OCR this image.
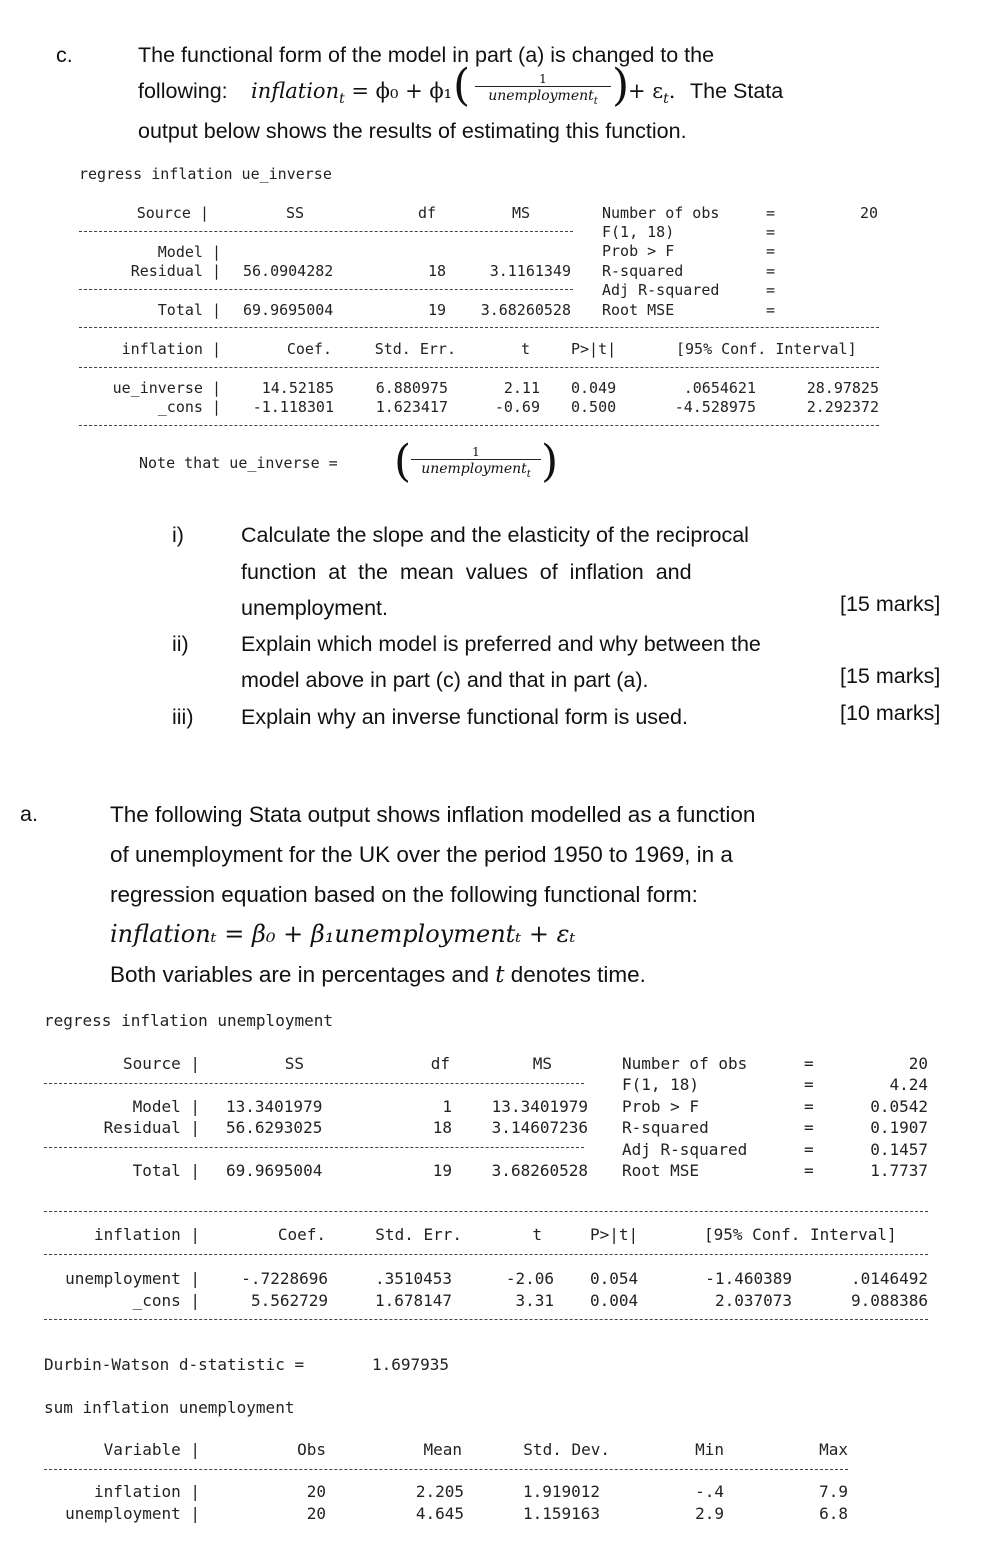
c.	The functional form of the model in part (a) is changed to the
following: inflation$_t$ = ϕ₀ + ϕ₁ (	1
unemployment$_t$ )
+ $\varepsilon_t$. The Stata
output below shows the results of estimating this function.
regress inflation ue_inverse
Source |	SS	df	MS
Model |
Residual | 56.0904282	18	3.1161349
Total | 69.9695004	19	3.68260528
Number of obs	=	20
F(1, 18)	=
Prob > F	=
R-squared	=
Adj R-squared	=
Root MSE	=
inflation |	Coef.	Std. Err.	t	P>|t|	[95% Conf. Interval]
ue_inverse |	14.52185	6.880975	2.11 0.049	.0654621	28.97825
_cons |	-1.118301	1.623417	-0.69 0.500	-4.528975	2.292372
Note that ue_inverse = (	1
unemployment$_t$ )
i)	Calculate the slope and the elasticity of the reciprocal
function  at  the  mean  values  of  inflation  and
unemployment.	[15 marks]
ii) Explain which model is preferred and why between the
model above in part (c) and that in part (a).	[15 marks]
iii) Explain why an inverse functional form is used.	[10 marks]
a.	The following Stata output shows inflation modelled as a function
of unemployment for the UK over the period 1950 to 1969, in a
regression equation based on the following functional form:
inflationₜ = β₀ + β₁unemploymentₜ + εₜ
Both variables are in percentages and t denotes time.
regress inflation unemployment
Source |	SS	df	MS
Model | 13.3401979	1	13.3401979
Residual | 56.6293025	18	3.14607236
Total | 69.9695004	19	3.68260528
Number of obs	=	20
F(1, 18)	=	4.24
Prob > F	=	0.0542
R-squared	=	0.1907
Adj R-squared	=	0.1457
Root MSE	=	1.7737
inflation |	Coef.	Std. Err.	t	P>|t|	[95% Conf. Interval]
unemployment |	-.7228696	.3510453	-2.06 0.054	-1.460389	.0146492
_cons |	5.562729	1.678147	3.31 0.004	2.037073	9.088386
Durbin-Watson d-statistic =	1.697935
sum inflation unemployment
Variable |	Obs	Mean	Std. Dev.	Min	Max
inflation |	20	2.205	1.919012	-.4	7.9
unemployment |	20	4.645	1.159163	2.9	6.8
